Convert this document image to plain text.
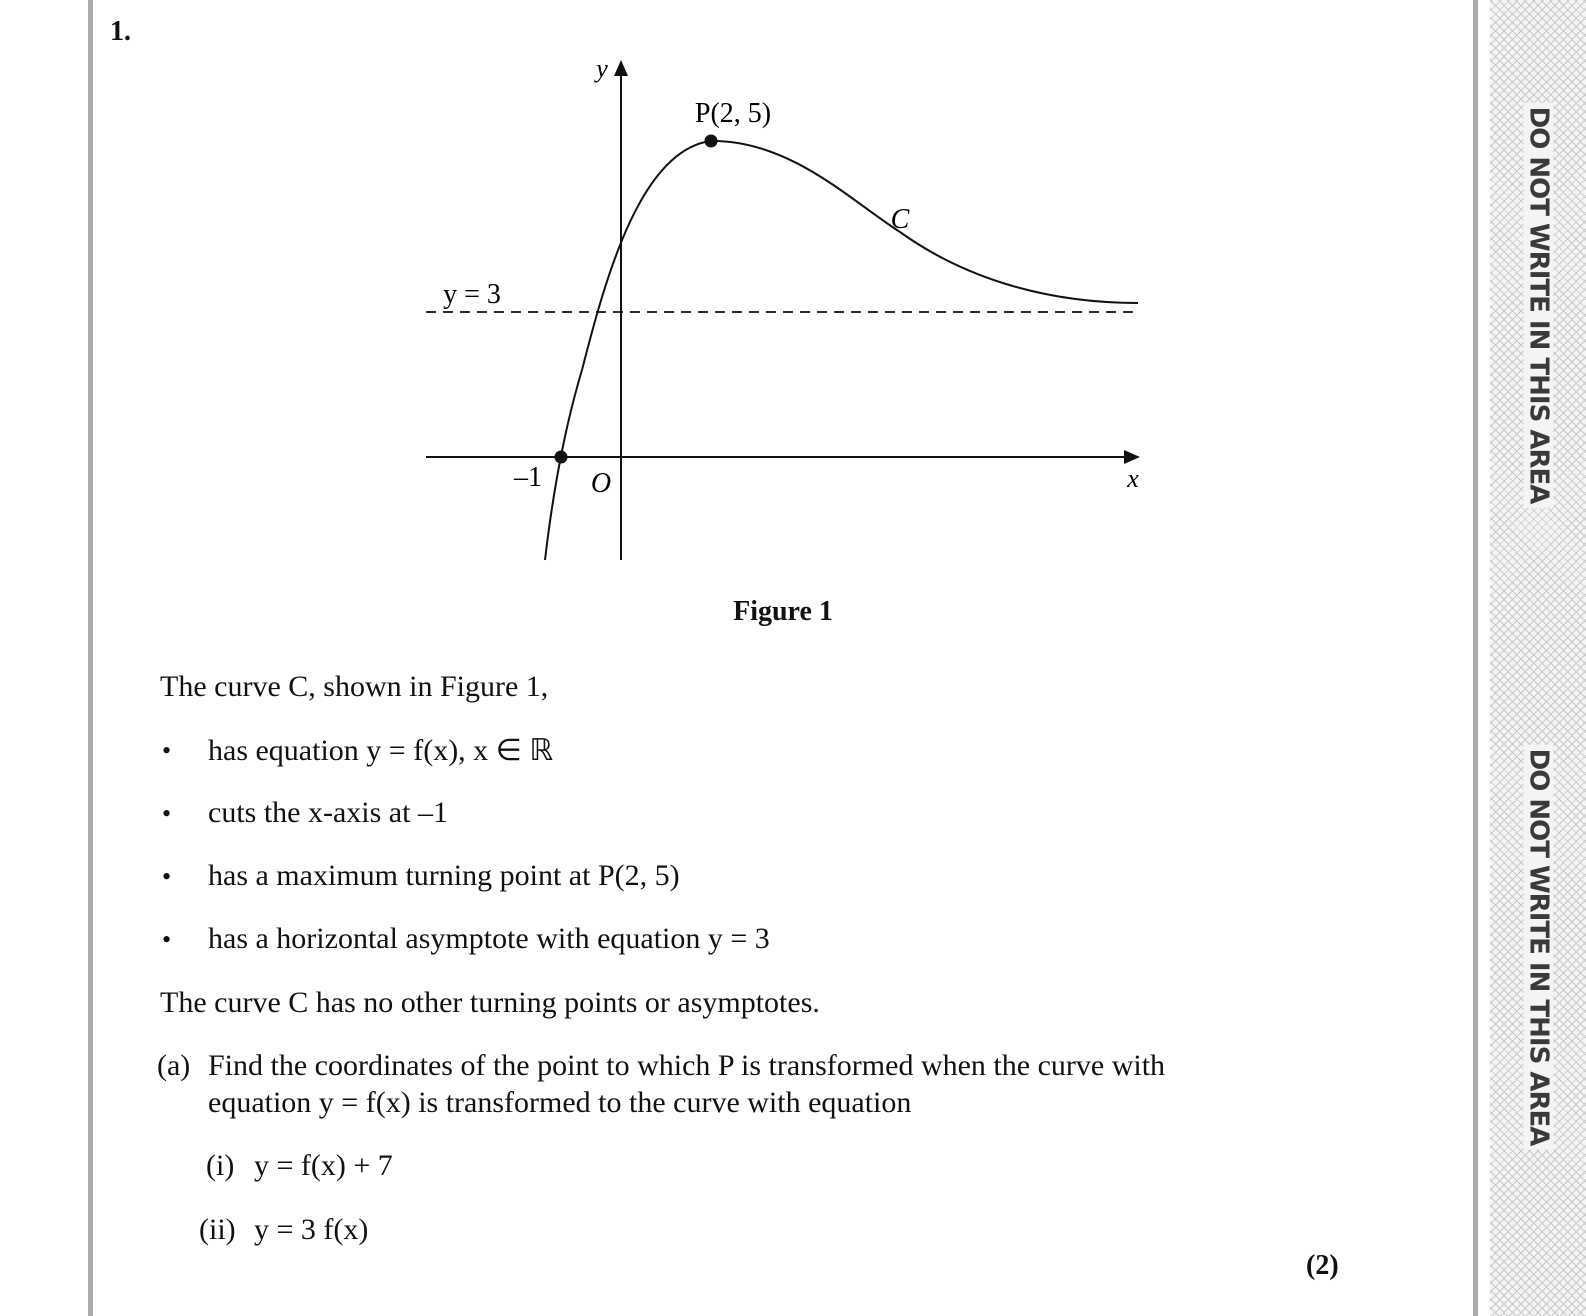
DO NOT WRITE IN THIS AREA
DO NOT WRITE IN THIS AREA
1.
y
x
O
–1
P(2, 5)
C
y = 3
Figure 1
The curve C, shown in Figure 1,
• has equation y = f(x), x ∈ ℝ
• cuts the x-axis at –1
• has a maximum turning point at P(2, 5)
• has a horizontal asymptote with equation y = 3
The curve C has no other turning points or asymptotes.
(a) Find the coordinates of the point to which P is transformed when the curve with
equation y = f(x) is transformed to the curve with equation
(i) y = f(x) + 7
(ii) y = 3 f(x)
(2)
